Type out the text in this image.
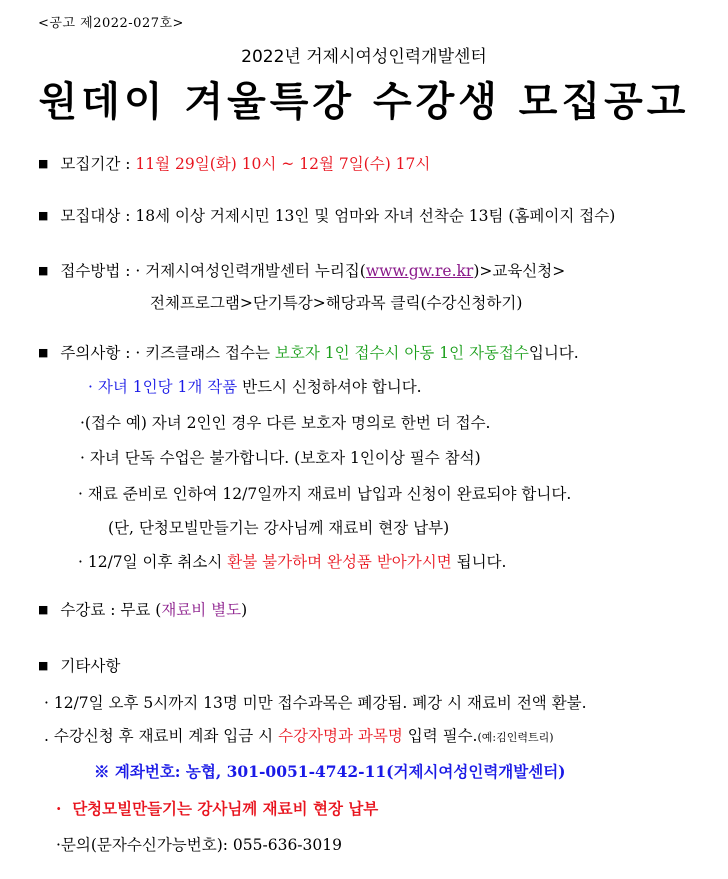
<공고 제2022-027호>
2022년 거제시여성인력개발센터
원데이 겨울특강 수강생 모집공고
■ 모집기간 : 11월 29일(화) 10시 ~ 12월 7일(수) 17시
■ 모집대상 : 18세 이상 거제시민 13인 및 엄마와 자녀 선착순 13팀 (홈페이지 접수)
■ 접수방법 : · 거제시여성인력개발센터 누리집(www.gw.re.kr)>교육신청>
전체프로그램>단기특강>해당과목 클릭(수강신청하기)
■ 주의사항 : · 키즈클래스 접수는 보호자 1인 접수시 아동 1인 자동접수입니다.
· 자녀 1인당 1개 작품 반드시 신청하셔야 합니다.
·(접수 예) 자녀 2인인 경우 다른 보호자 명의로 한번 더 접수.
· 자녀 단독 수업은 불가합니다. (보호자 1인이상 필수 참석)
· 재료 준비로 인하여 12/7일까지 재료비 납입과 신청이 완료되야 합니다.
(단, 단청모빌만들기는 강사님께 재료비 현장 납부)
· 12/7일 이후 취소시 환불 불가하며 완성품 받아가시면 됩니다.
■ 수강료 : 무료 (재료비 별도)
■ 기타사항
· 12/7일 오후 5시까지 13명 미만 접수과목은 폐강됨. 폐강 시 재료비 전액 환불.
. 수강신청 후 재료비 계좌 입금 시 수강자명과 과목명 입력 필수.(예:김인력트리)
※ 계좌번호: 농협, 301-0051-4742-11(거제시여성인력개발센터)
· 단청모빌만들기는 강사님께 재료비 현장 납부
·문의(문자수신가능번호): 055-636-3019
